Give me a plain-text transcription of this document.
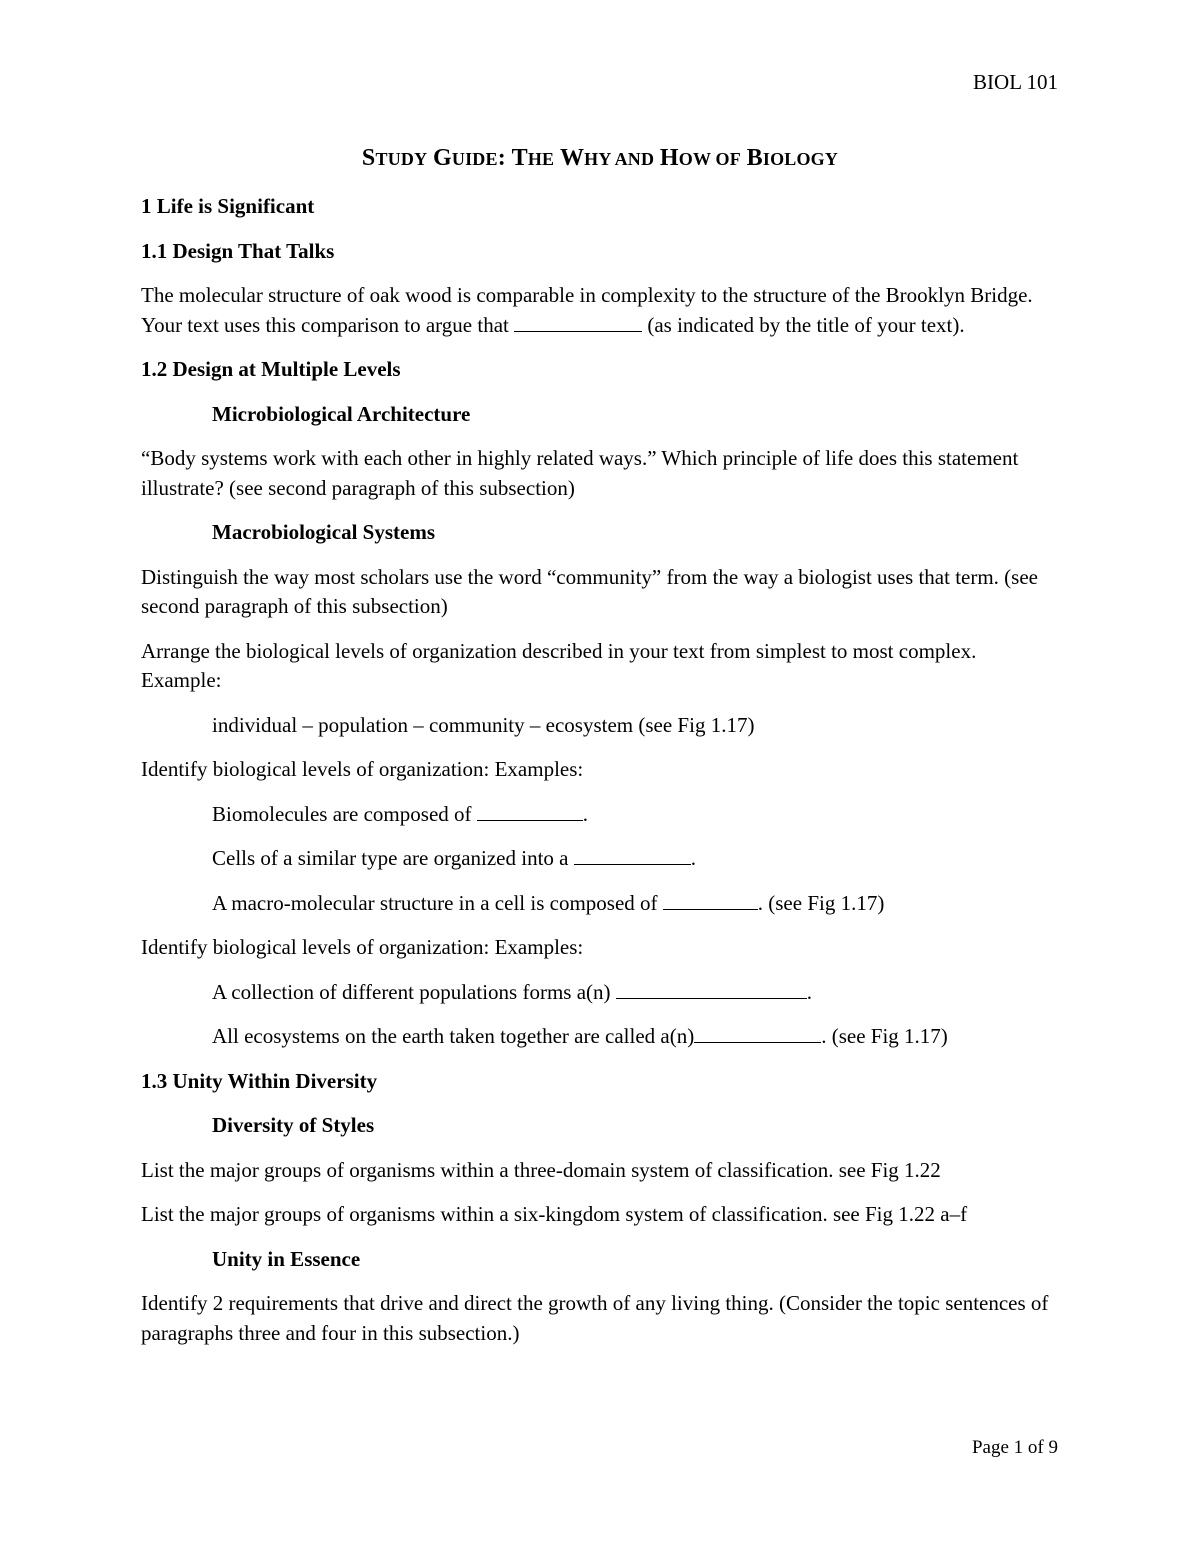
BIOL 101
STUDY GUIDE: THE WHY AND HOW OF BIOLOGY

1 Life is Significant

1.1 Design That Talks

The molecular structure of oak wood is comparable in complexity to the structure of the Brooklyn Bridge. Your text uses this comparison to argue that	(as indicated by the title of your text).

1.2 Design at Multiple Levels

Microbiological Architecture

“Body systems work with each other in highly related ways.” Which principle of life does this statement illustrate? (see second paragraph of this subsection)

Macrobiological Systems

Distinguish the way most scholars use the word “community” from the way a biologist uses that term. (see second paragraph of this subsection)

Arrange the biological levels of organization described in your text from simplest to most complex. Example:

individual – population – community – ecosystem (see Fig 1.17)

Identify biological levels of organization: Examples:

Biomolecules are composed of	.

Cells of a similar type are organized into a	.

A macro-molecular structure in a cell is composed of	. (see Fig 1.17)

Identify biological levels of organization: Examples:

A collection of different populations forms a(n)	.

All ecosystems on the earth taken together are called a(n)	. (see Fig 1.17)

1.3 Unity Within Diversity

Diversity of Styles

List the major groups of organisms within a three-domain system of classification. see Fig 1.22

List the major groups of organisms within a six-kingdom system of classification. see Fig 1.22 a–f

Unity in Essence

Identify 2 requirements that drive and direct the growth of any living thing. (Consider the topic sentences of paragraphs three and four in this subsection.)

Page 1 of 9
